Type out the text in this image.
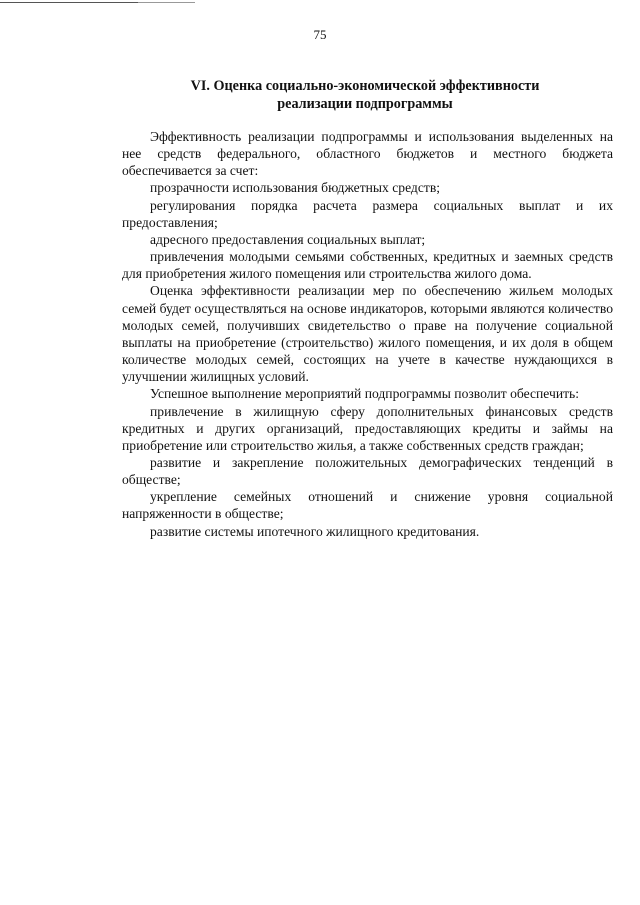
75
VI. Оценка социально-экономической эффективности
реализации подпрограммы

Эффективность реализации подпрограммы и использования выделенных на нее средств федерального, областного бюджетов и местного бюджета обеспечивается за счет:

прозрачности использования бюджетных средств;

регулирования порядка расчета размера социальных выплат и их предоставления;

адресного предоставления социальных выплат;

привлечения молодыми семьями собственных, кредитных и заемных средств для приобретения жилого помещения или строительства жилого дома.

Оценка эффективности реализации мер по обеспечению жильем молодых семей будет осуществляться на основе индикаторов, которыми являются количество молодых семей, получивших свидетельство о праве на получение социальной выплаты на приобретение (строительство) жилого помещения, и их доля в общем количестве молодых семей, состоящих на учете в качестве нуждающихся в улучшении жилищных условий.

Успешное выполнение мероприятий подпрограммы позволит обеспечить:

привлечение в жилищную сферу дополнительных финансовых средств кредитных и других организаций, предоставляющих кредиты и займы на приобретение или строительство жилья, а также собственных средств граждан;

развитие и закрепление положительных демографических тенденций в обществе;

укрепление семейных отношений и снижение уровня социальной напряженности в обществе;

развитие системы ипотечного жилищного кредитования.
